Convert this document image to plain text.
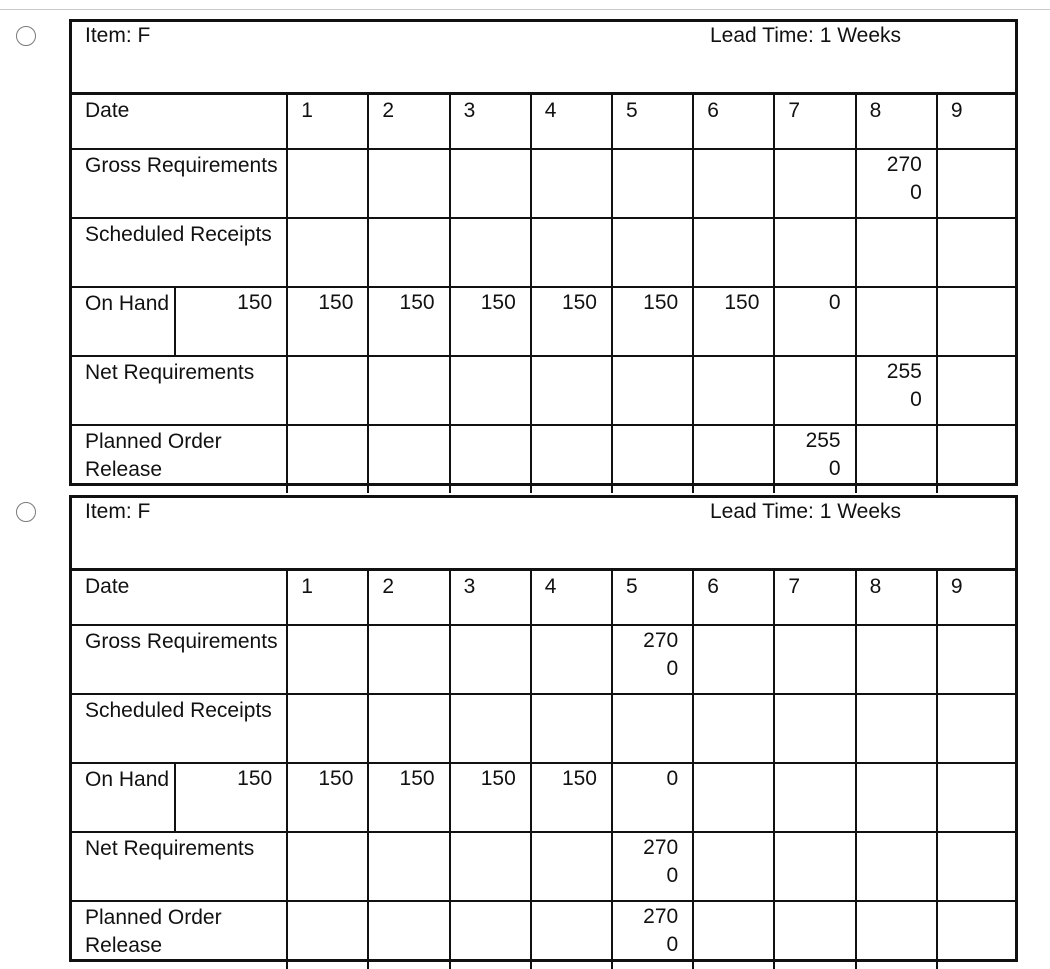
Item: F	Lead Time: 1 Weeks
Date		1	2	3	4	5	6	7	8	9
Gross Requirements									270
0	
Scheduled Receipts										
On Hand	150	150	150	150	150	150	150	0		
Net Requirements									255
0	
Planned Order Release								255
0		
Item: F	Lead Time: 1 Weeks
Date		1	2	3	4	5	6	7	8	9
Gross Requirements						270
0				
Scheduled Receipts										
On Hand	150	150	150	150	150	0				
Net Requirements						270
0				
Planned Order Release						270
0				
